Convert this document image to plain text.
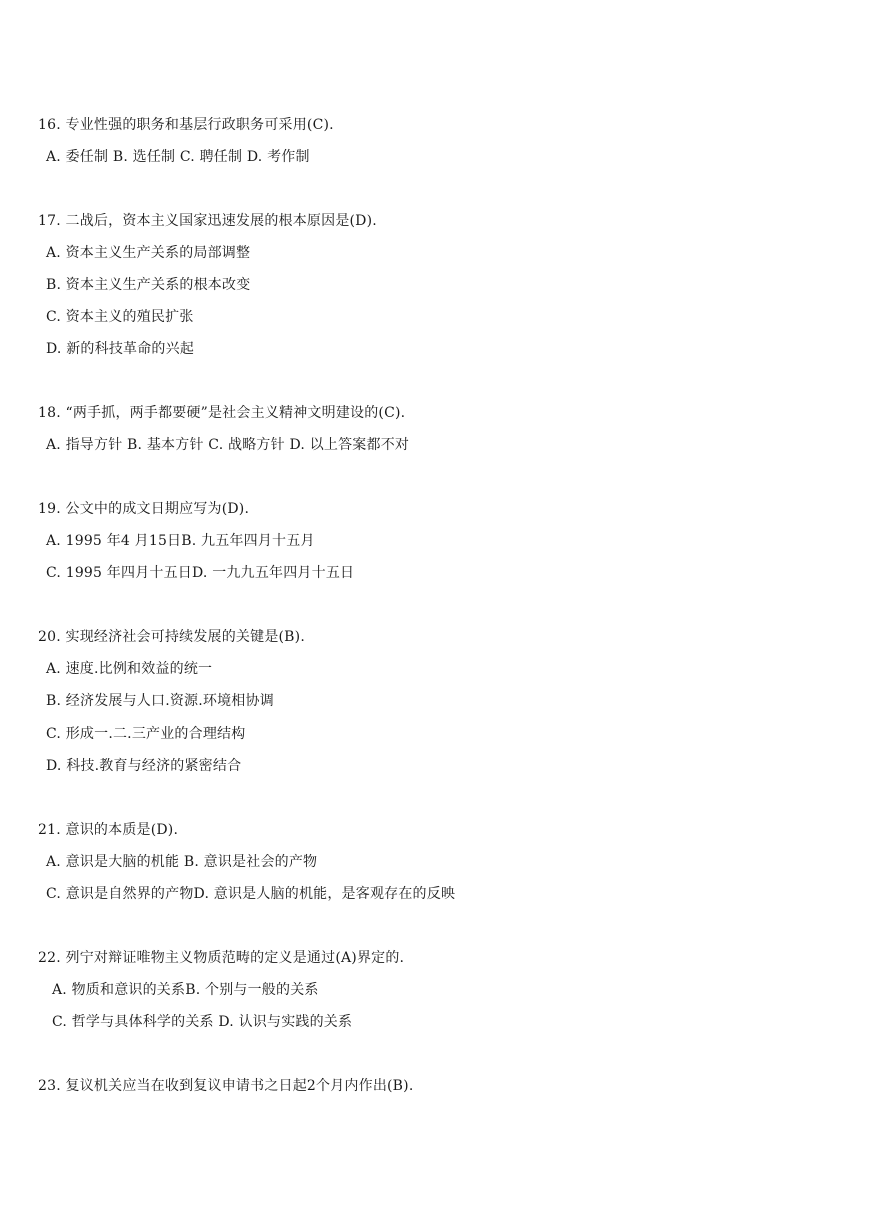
16. 专业性强的职务和基层行政职务可采用(C).
A. 委任制 B. 选任制 C. 聘任制 D. 考作制
17. 二战后，资本主义国家迅速发展的根本原因是(D).
A. 资本主义生产关系的局部调整
B. 资本主义生产关系的根本改变
C. 资本主义的殖民扩张
D. 新的科技革命的兴起
18. “两手抓，两手都要硬”是社会主义精神文明建设的(C).
A. 指导方针 B. 基本方针 C. 战略方针 D. 以上答案都不对
19. 公文中的成文日期应写为(D).
A. 1995 年4 月15日B. 九五年四月十五月
C. 1995 年四月十五日D. 一九九五年四月十五日
20. 实现经济社会可持续发展的关键是(B).
A. 速度.比例和效益的统一
B. 经济发展与人口.资源.环境相协调
C. 形成一.二.三产业的合理结构
D. 科技.教育与经济的紧密结合
21. 意识的本质是(D).
A. 意识是大脑的机能 B. 意识是社会的产物
C. 意识是自然界的产物D. 意识是人脑的机能，是客观存在的反映
22. 列宁对辩证唯物主义物质范畴的定义是通过(A)界定的.
A. 物质和意识的关系B. 个别与一般的关系
C. 哲学与具体科学的关系 D. 认识与实践的关系
23. 复议机关应当在收到复议申请书之日起2个月内作出(B).
